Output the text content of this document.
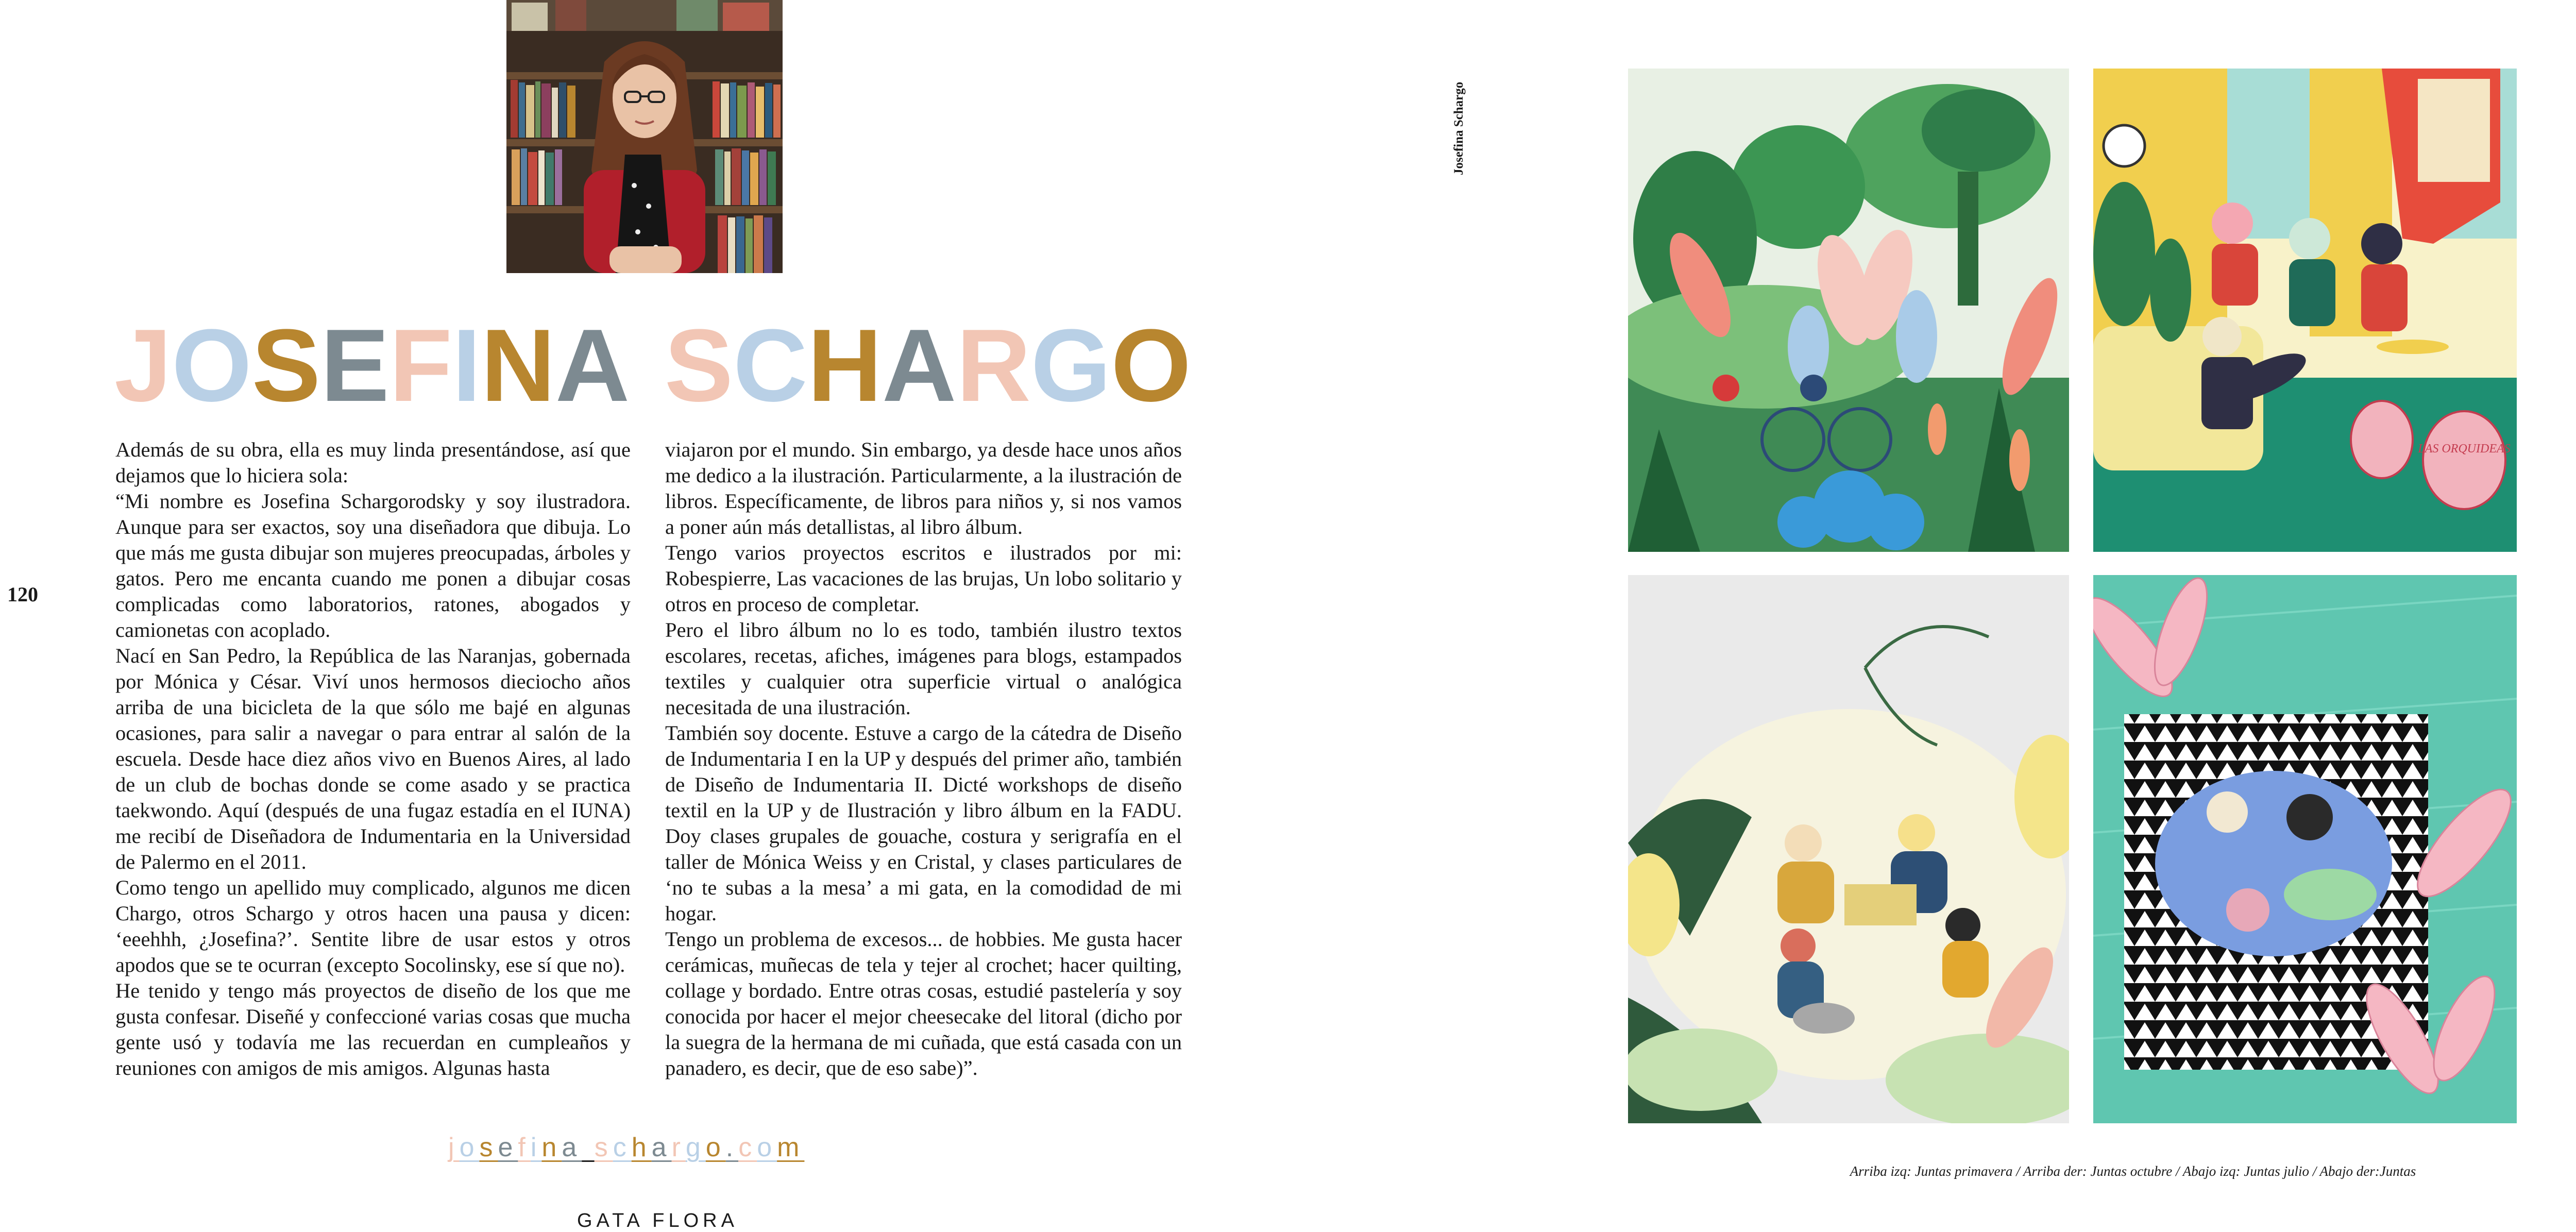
J O S E F I N A S C H A R G O

Además de su obra, ella es muy linda presentándose, así que dejamos que lo hiciera sola:

“Mi nombre es Josefina Schargorodsky y soy ilustradora. Aunque para ser exactos, soy una diseñadora que dibuja. Lo que más me gusta dibujar son mujeres preocupadas, árboles y gatos. Pero me encanta cuando me ponen a dibujar cosas complicadas como laboratorios, ratones, abogados y camionetas con acoplado.

Nací en San Pedro, la República de las Naranjas, gobernada por Mónica y César. Viví unos hermosos dieciocho años arriba de una bicicleta de la que sólo me bajé en algunas ocasiones, para salir a navegar o para entrar al salón de la escuela. Desde hace diez años vivo en Buenos Aires, al lado de un club de bochas donde se come asado y se practica taekwondo. Aquí (después de una fugaz estadía en el IUNA) me recibí de Diseñadora de Indumentaria en la Universidad de Palermo en el 2011.

Como tengo un apellido muy complicado, algunos me dicen Chargo, otros Schargo y otros hacen una pausa y dicen: ‘eeehhh, ¿Josefina?’. Sentite libre de usar estos y otros apodos que se te ocurran (excepto Socolinsky, ese sí que no).

He tenido y tengo más proyectos de diseño de los que me gusta confesar. Diseñé y confeccioné varias cosas que mucha gente usó y todavía me las recuerdan en cumpleaños y reuniones con amigos de mis amigos. Algunas hasta

viajaron por el mundo. Sin embargo, ya desde hace unos años me dedico a la ilustración. Particularmente, a la ilustración de libros. Específicamente, de libros para niños y, si nos vamos a poner aún más detallistas, al libro álbum.

Tengo varios proyectos escritos e ilustrados por mi: Robespierre, Las vacaciones de las brujas, Un lobo solitario y otros en proceso de completar.

Pero el libro álbum no lo es todo, también ilustro textos escolares, recetas, afiches, imágenes para blogs, estampados textiles y cualquier otra superficie virtual o analógica necesitada de una ilustración.

También soy docente. Estuve a cargo de la cátedra de Diseño de Indumentaria I en la UP y después del primer año, también de Diseño de Indumentaria II. Dicté workshops de diseño textil en la UP y de Ilustración y libro álbum en la FADU. Doy clases grupales de gouache, costura y serigrafía en el taller de Mónica Weiss y en Cristal, y clases particulares de ‘no te subas a la mesa’ a mi gata, en la comodidad de mi hogar.

Tengo un problema de excesos... de hobbies. Me gusta hacer cerámicas, muñecas de tela y tejer al crochet; hacer quilting, collage y bordado. Entre otras cosas, estudié pastelería y soy conocida por hacer el mejor cheesecake del litoral (dicho por la suegra de la hermana de mi cuñada, que está casada con un panadero, es decir, que de eso sabe)”.

josefina schargo.com
GATA FLORA
120
Josefina Schargo
LAS ORQUIDEAS
Arriba izq: Juntas primavera / Arriba der: Juntas octubre / Abajo izq: Juntas julio / Abajo der:Juntas
